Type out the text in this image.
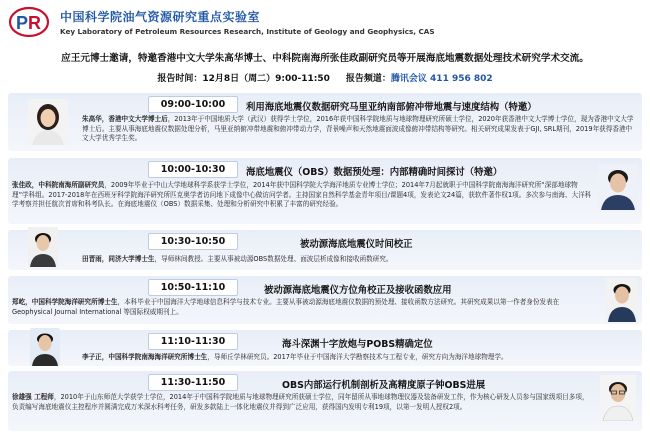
P R 中国科学院油气资源研究重点实验室
Key Laboratory of Petroleum Resources Research, Institute of Geology and Geophysics, CAS
应王元博士邀请，特邀香港中文大学朱高华博士、中科院南海所张佳政副研究员等开展海底地震数据处理技术研究学术交流。
报告时间：12月8日（周二）9:00-11:50 报告频道：腾讯会议 411 956 802
09:00-10:00	利用海底地震仪数据研究马里亚纳南部俯冲带地震与速度结构（特邀）
朱高华，香港中文大学博士后，2013年于中国地质大学（武汉）获得学士学位，2016年获中国科学院地质与地球物理研究所硕士学位，2020年获香港中文大学博士学位，现为香港中文大学博士后。主要从事海底地震仪数据处理分析，马里亚纳俯冲带地震和俯冲带动力学，背景噪声和天然地震面波成像俯冲带结构等研究。相关研究成果发表于GJI, SRL期刊，2019年获得香港中文大学优秀学生奖。
10:00-10:30	海底地震仪（OBS）数据预处理：内部精确时间探讨（特邀）
张佳政，中科院南海所副研究员，2009年毕业于中山大学地球科学系获学士学位，2014年获中国科学院大学海洋地质专业博士学位；2014年7月起就职于中国科学院南海海洋研究所“深部地球物理”学科组。2017-2018年在西班牙科学院海洋研究所匹克奥学者访问地下成像中心做访问学者。主持国家自然科学基金青年项目/课题4项，发表论文24篇，获软件著作权1项。多次参与南海、大洋科学考察并担任航次首席和科考队长。在海底地震仪（OBS）数据采集、处理和分析研究中积累了丰富的研究经验。
10:30-10:50	被动源海底地震仪时间校正
田晋雨，同济大学博士生，导师林间教授。主要从事被动源OBS数据处理、面波层析成像和接收函数研究。
10:50-11:10	被动源海底地震仪方位角校正及接收函数应用
郑屹，中国科学院海洋研究所博士生，本科毕业于中国海洋大学地球信息科学与技术专业。主要从事被动源海底地震仪数据的预处理、接收函数方法研究。其研究成果以第一作者身份发表在Geophysical Journal International 等国际权威期刊上。
11:10-11:30	海斗深渊十字放炮与POBS精确定位
李子正，中国科学院南海海洋研究所博士生，导师丘学林研究员。2017年毕业于中国海洋大学勘察技术与工程专业，研究方向为海洋地球物理学。
11:30-11:50	OBS内部运行机制剖析及高精度原子钟OBS进展
徐雄强 工程师，2010年于山东师范大学获学士学位，2014年于中国科学院地质与地球物理研究所获硕士学位，同年留所从事地球物理仪器及装备研发工作，作为核心研发人员参与国家级项目多项，负责编写海底地震仪主控程序并圆满完成万米深水科考任务，研发多款陆上一体化地震仪并得到广泛应用，获得国内发明专利19项，以第一发明人授权2项。
